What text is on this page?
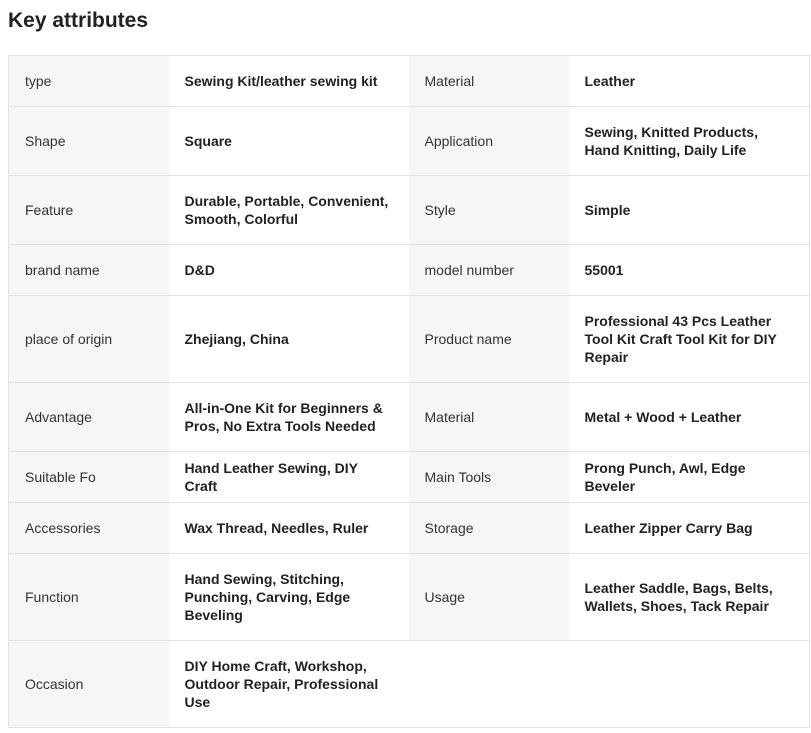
Key attributes
type	Sewing Kit/leather sewing kit	Material	Leather
Shape	Square	Application	Sewing, Knitted Products, Hand Knitting, Daily Life
Feature	Durable, Portable, Convenient, Smooth, Colorful	Style	Simple
brand name	D&D	model number	55001
place of origin	Zhejiang, China	Product name	Professional 43 Pcs Leather Tool Kit Craft Tool Kit for DIY Repair
Advantage	All-in-One Kit for Beginners & Pros, No Extra Tools Needed	Material	Metal + Wood + Leather
Suitable Fo	Hand Leather Sewing, DIY Craft	Main Tools	Prong Punch, Awl, Edge Beveler
Accessories	Wax Thread, Needles, Ruler	Storage	Leather Zipper Carry Bag
Function	Hand Sewing, Stitching, Punching, Carving, Edge Beveling	Usage	Leather Saddle, Bags, Belts, Wallets, Shoes, Tack Repair
Occasion	DIY Home Craft, Workshop, Outdoor Repair, Professional Use		
